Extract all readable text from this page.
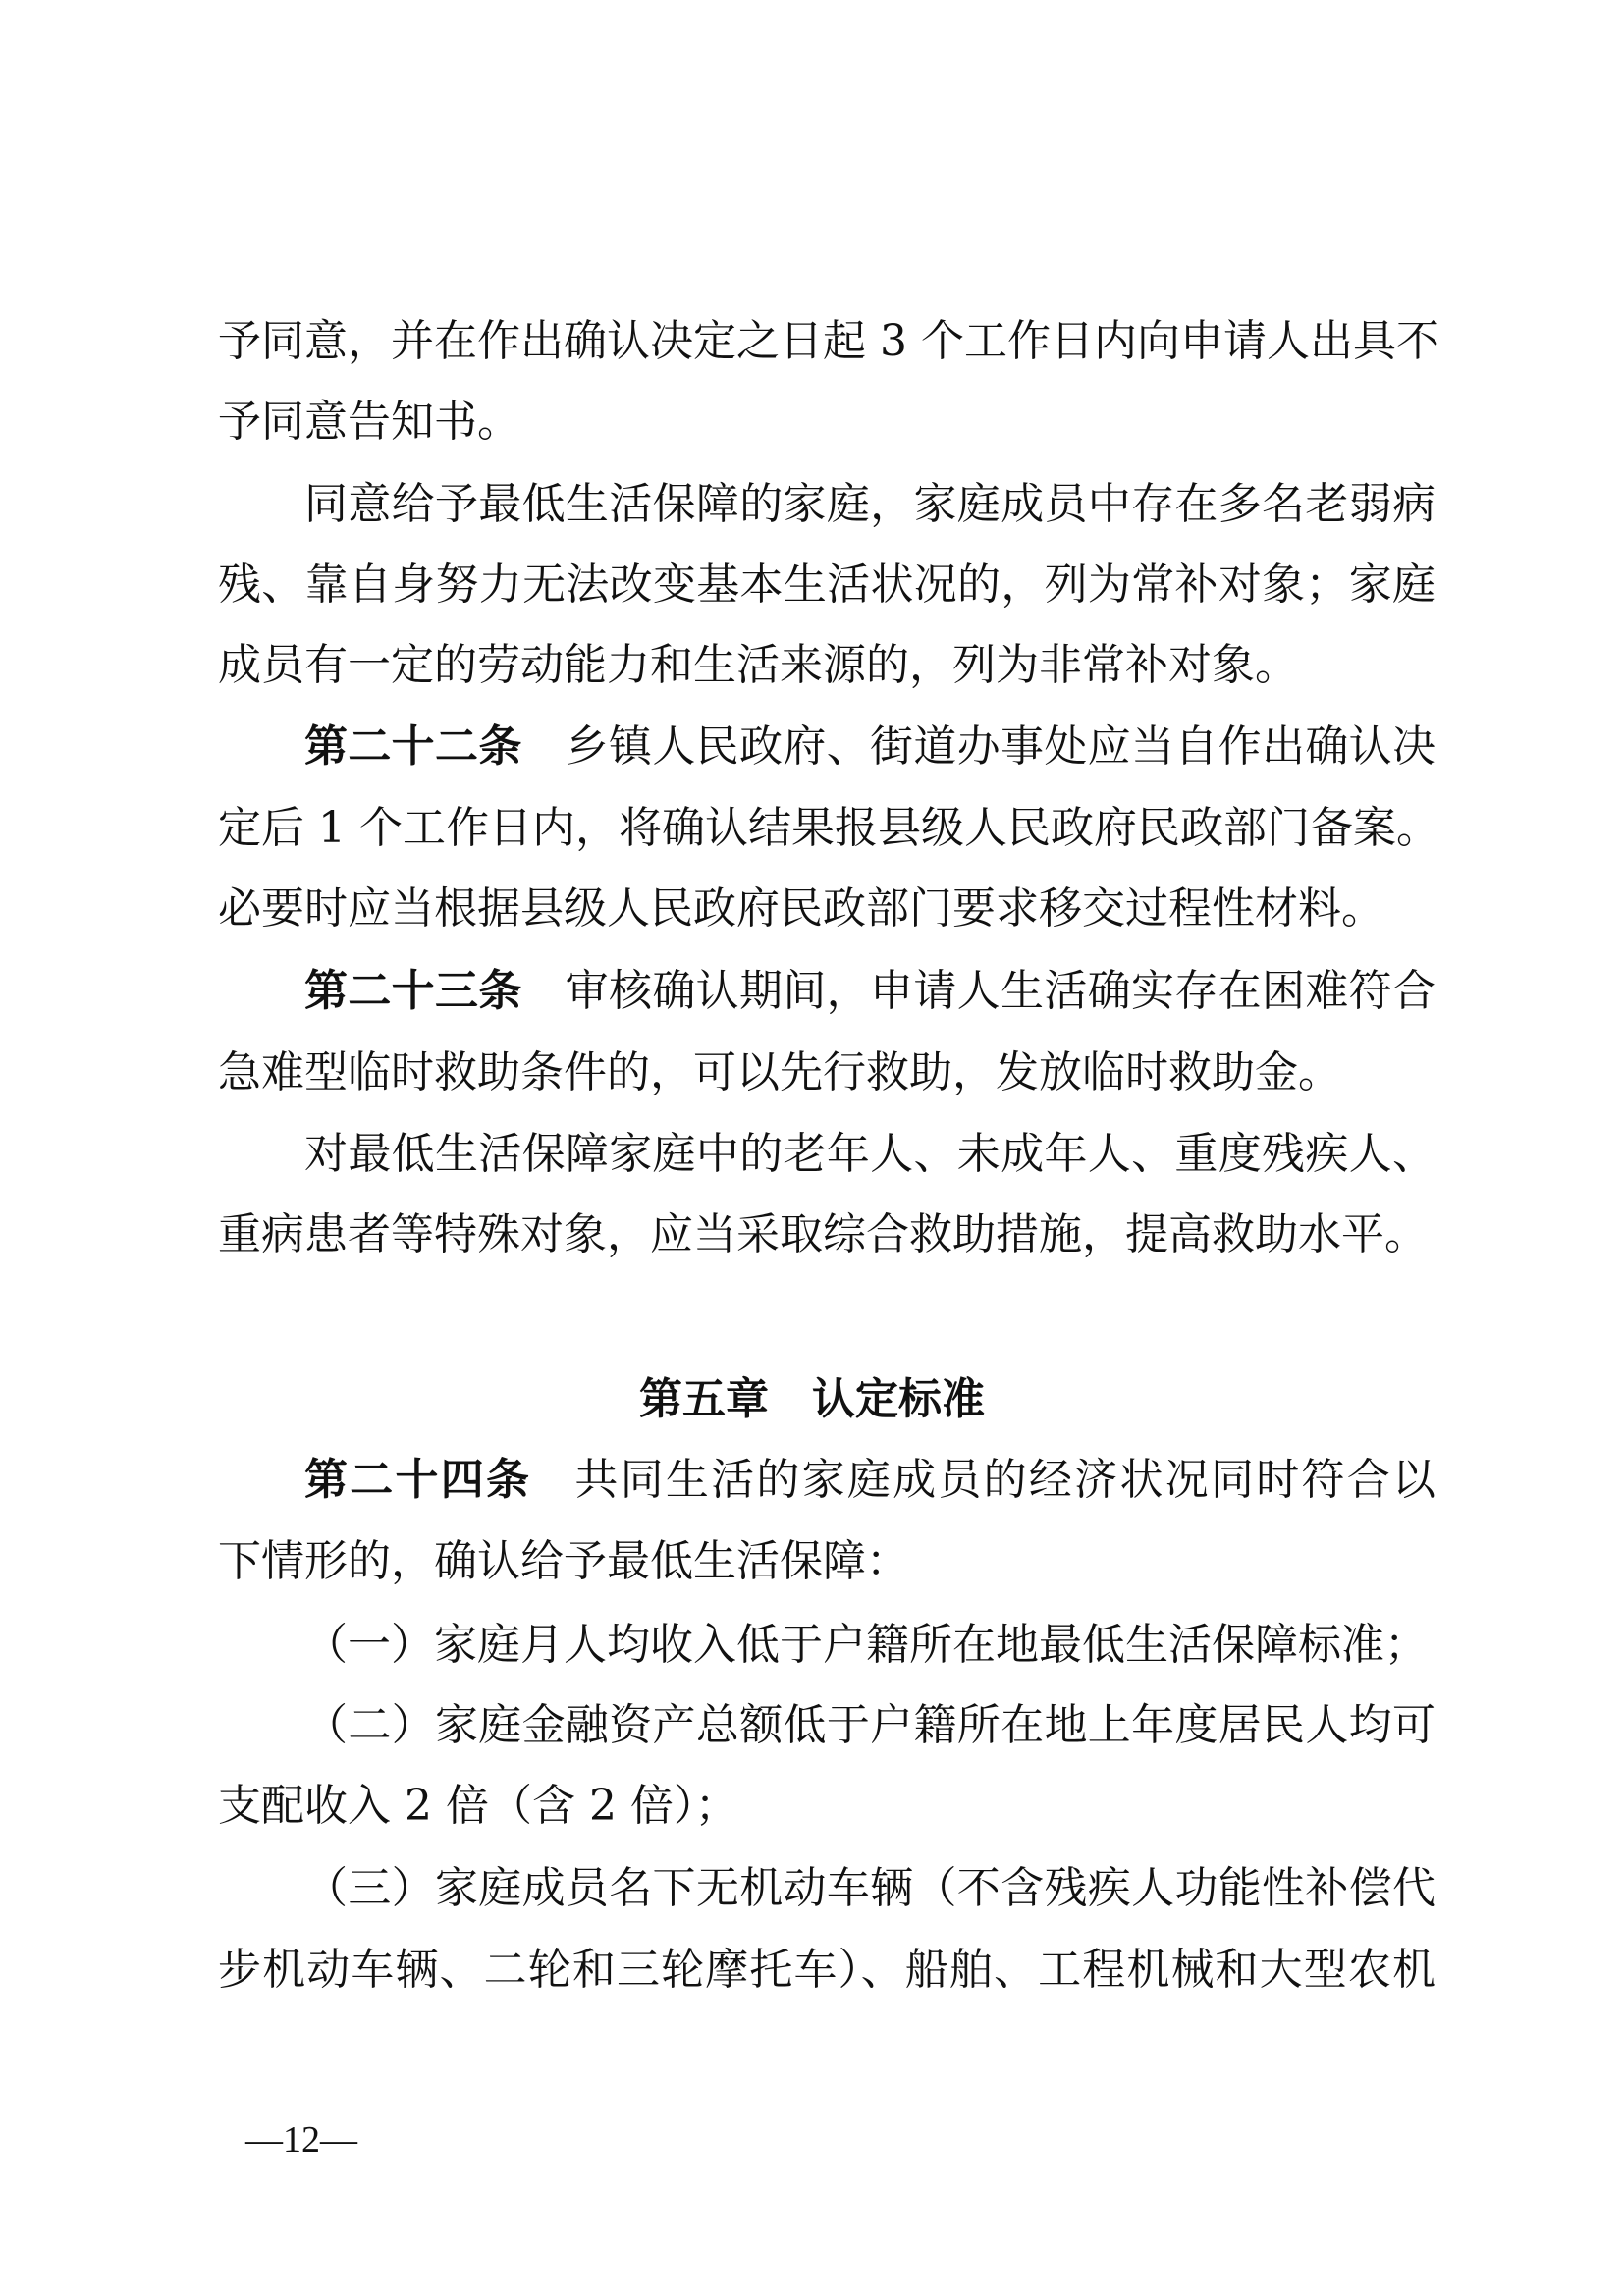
予同意，并在作出确认决定之日起 3 个工作日内向申请人出具不
予同意告知书。
同意给予最低生活保障的家庭，家庭成员中存在多名老弱病
残、靠自身努力无法改变基本生活状况的，列为常补对象；家庭
成员有一定的劳动能力和生活来源的，列为非常补对象。
第二十二条 乡镇人民政府、街道办事处应当自作出确认决
定后 1 个工作日内，将确认结果报县级人民政府民政部门备案。
必要时应当根据县级人民政府民政部门要求移交过程性材料。
第二十三条 审核确认期间，申请人生活确实存在困难符合
急难型临时救助条件的，可以先行救助，发放临时救助金。
对最低生活保障家庭中的老年人、未成年人、重度残疾人、
重病患者等特殊对象，应当采取综合救助措施，提高救助水平。
第五章　认定标准
第二十四条 共同生活的家庭成员的经济状况同时符合以
下情形的，确认给予最低生活保障：
（一）家庭月人均收入低于户籍所在地最低生活保障标准；
（二）家庭金融资产总额低于户籍所在地上年度居民人均可
支配收入 2 倍（含 2 倍）；
（三）家庭成员名下无机动车辆（不含残疾人功能性补偿代
步机动车辆、二轮和三轮摩托车）、船舶、工程机械和大型农机
—12—
